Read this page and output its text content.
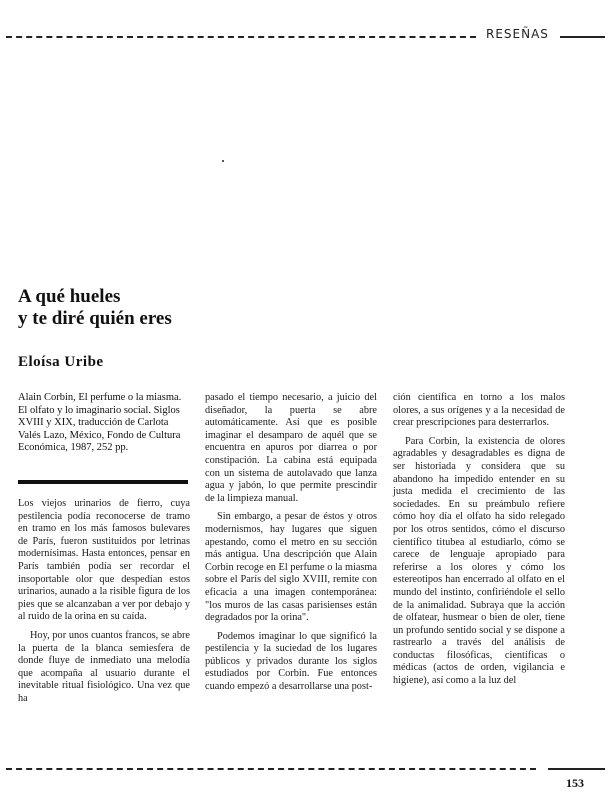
RESEÑAS
A qué hueles
y te diré quién eres
Eloísa Uribe
Alain Corbin, El perfume o la miasma. El olfato y lo imaginario social. Siglos XVIII y XIX, traducción de Carlota Valés Lazo, México, Fondo de Cultura Económica, 1987, 252 pp.

Los viejos urinarios de fierro, cuya pestilencia podía reconocerse de tramo en tramo en los más famosos bulevares de París, fueron sustituidos por letrinas modernísimas. Hasta entonces, pensar en París también podía ser recordar el insoportable olor que despedían estos urinarios, aunado a la risible figura de los pies que se alcanzaban a ver por debajo y al ruido de la orina en su caída.

Hoy, por unos cuantos francos, se abre la puerta de la blanca semiesfera de donde fluye de inmediato una melodía que acompaña al usuario durante el inevitable ritual fisiológico. Una vez que ha

pasado el tiempo necesario, a juicio del diseñador, la puerta se abre automáticamente. Así que es posible imaginar el desamparo de aquél que se encuentra en apuros por diarrea o por constipación. La cabina está equipada con un sistema de autolavado que lanza agua y jabón, lo que permite prescindir de la limpieza manual.

Sin embargo, a pesar de éstos y otros modernismos, hay lugares que siguen apestando, como el metro en su sección más antigua. Una descripción que Alain Corbin recoge en El perfume o la miasma sobre el París del siglo XVIII, remite con eficacia a una imagen contemporánea: "los muros de las casas parisienses están degradados por la orina".

Podemos imaginar lo que significó la pestilencia y la suciedad de los lugares públicos y privados durante los siglos estudiados por Corbin. Fue entonces cuando empezó a desarrollarse una post-

ción científica en torno a los malos olores, a sus orígenes y a la necesidad de crear prescripciones para desterrarlos.

Para Corbin, la existencia de olores agradables y desagradables es digna de ser historiada y considera que su abandono ha impedido entender en su justa medida el crecimiento de las sociedades. En su preámbulo refiere cómo hoy día el olfato ha sido relegado por los otros sentidos, cómo el discurso científico titubea al estudiarlo, cómo se carece de lenguaje apropiado para referirse a los olores y cómo los estereotipos han encerrado al olfato en el mundo del instinto, confiriéndole el sello de la animalidad. Subraya que la acción de olfatear, husmear o bien de oler, tiene un profundo sentido social y se dispone a rastrearlo a través del análisis de conductas filosóficas, científicas o médicas (actos de orden, vigilancia e higiene), así como a la luz del

153
